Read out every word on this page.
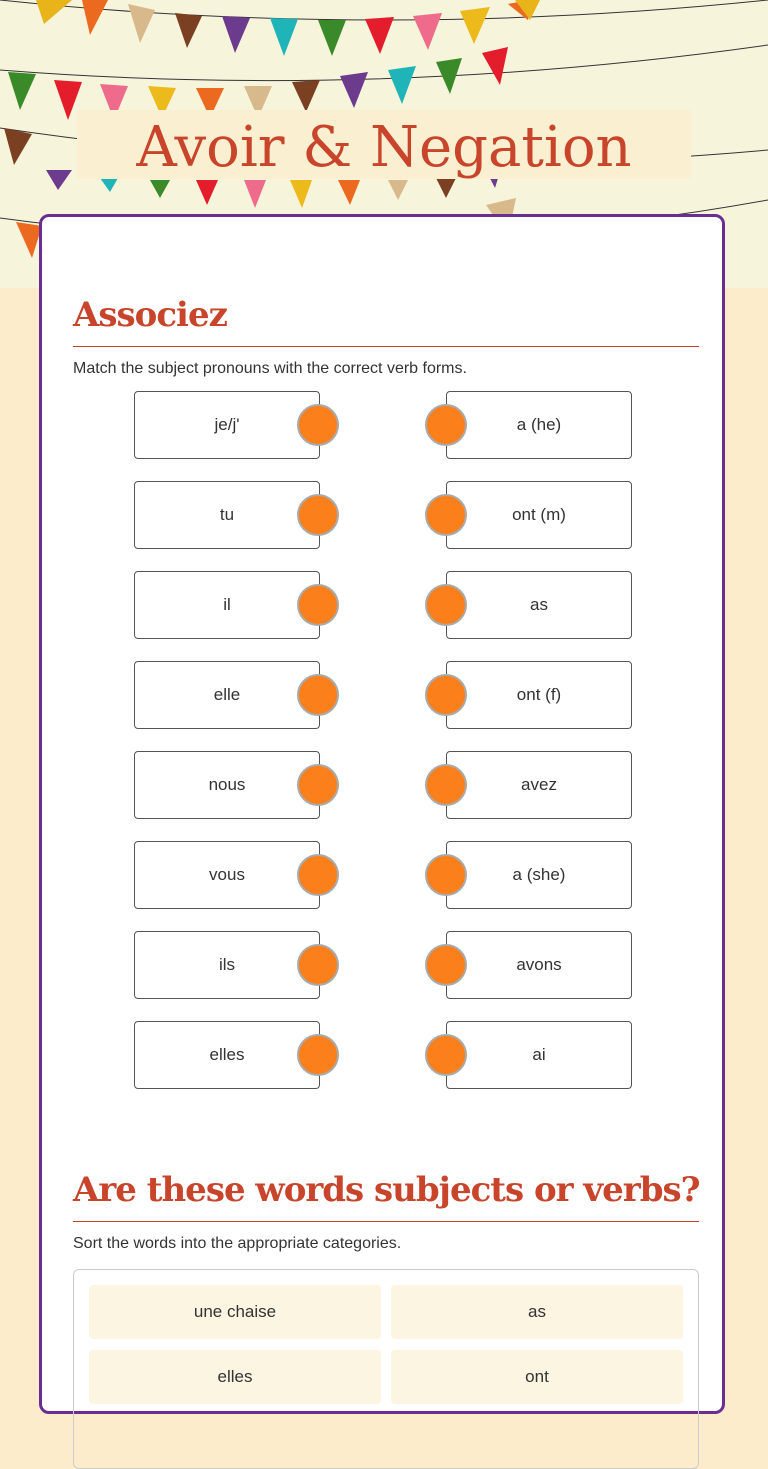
Avoir & Negation
Associez
Match the subject pronouns with the correct verb forms.
je/j'
tu
il
elle
nous
vous
ils
elles
a (he)
ont (m)
as
ont (f)
avez
a (she)
avons
ai
Are these words subjects or verbs?
Sort the words into the appropriate categories.
une chaise	as
elles	ont
